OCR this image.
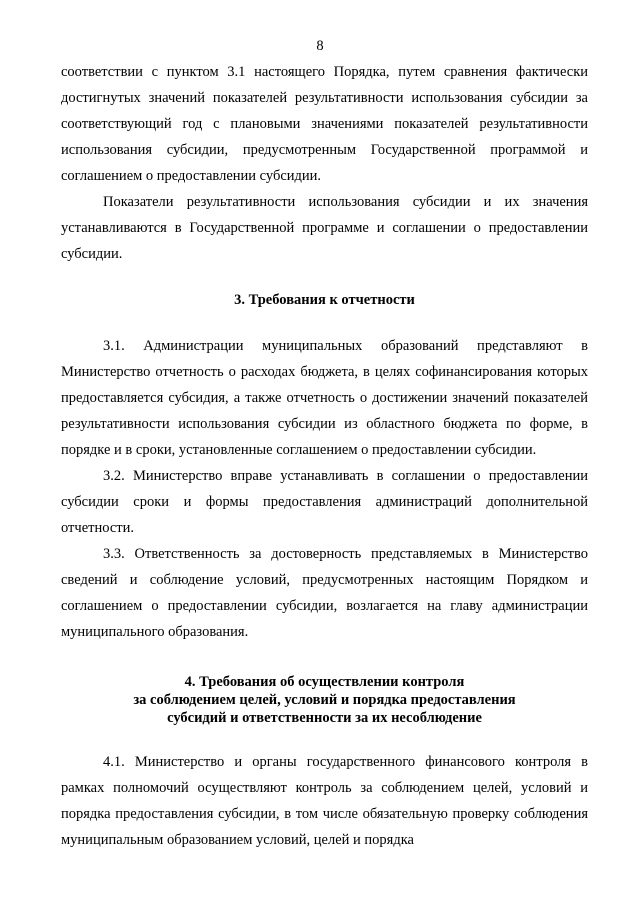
8

соответствии с пунктом 3.1 настоящего Порядка, путем сравнения фактически достигнутых значений показателей результативности использования субсидии за соответствующий год с плановыми значениями показателей результативности использования субсидии, предусмотренным Государственной программой и соглашением о предоставлении субсидии.

Показатели результативности использования субсидии и их значения устанавливаются в Государственной программе и соглашении о предоставлении субсидии.

3. Требования к отчетности

3.1. Администрации муниципальных образований представляют в Министерство отчетность о расходах бюджета, в целях софинансирования которых предоставляется субсидия, а также отчетность о достижении значений показателей результативности использования субсидии из областного бюджета по форме, в порядке и в сроки, установленные соглашением о предоставлении субсидии.

3.2. Министерство вправе устанавливать в соглашении о предоставлении субсидии сроки и формы предоставления администраций дополнительной отчетности.

3.3. Ответственность за достоверность представляемых в Министерство сведений и соблюдение условий, предусмотренных настоящим Порядком и соглашением о предоставлении субсидии, возлагается на главу администрации муниципального образования.

4. Требования об осуществлении контроля
за соблюдением целей, условий и порядка предоставления
субсидий и ответственности за их несоблюдение

4.1. Министерство и органы государственного финансового контроля в рамках полномочий осуществляют контроль за соблюдением целей, условий и порядка предоставления субсидии, в том числе обязательную проверку соблюдения муниципальным образованием условий, целей и порядка
